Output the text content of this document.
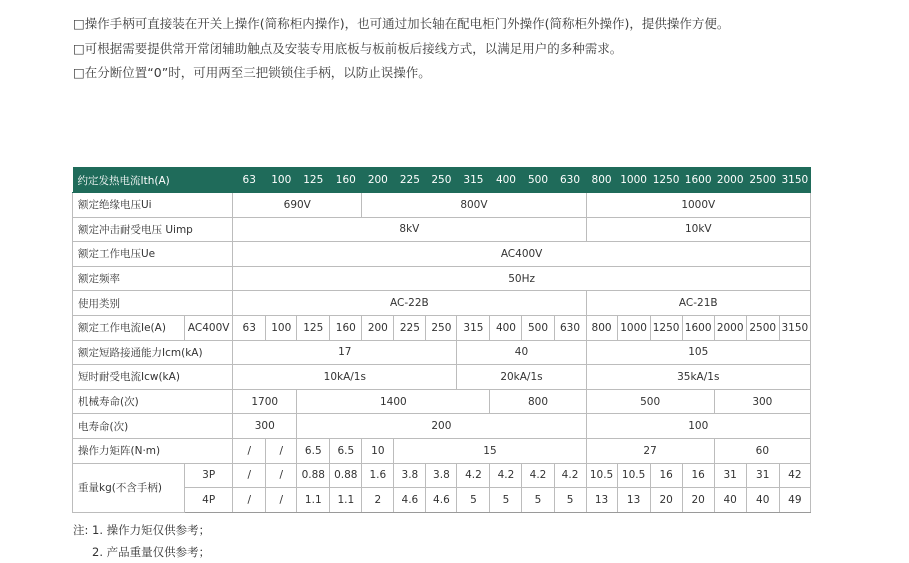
□操作手柄可直接装在开关上操作(简称柜内操作)，也可通过加长轴在配电柜门外操作(简称柜外操作)，提供操作方便。

□可根据需要提供常开常闭辅助触点及安装专用底板与板前板后接线方式，以满足用户的多种需求。

□在分断位置“0”时，可用两至三把锁锁住手柄，以防止误操作。

约定发热电流Ith(A)		63	100	125	160	200	225	250	315	400	500	630	800	1000	1250	1600	2000	2500	3150
额定绝缘电压Ui		690V				800V							1000V						
额定冲击耐受电压 Uimp		8kV											10kV						
额定工作电压Ue		AC400V																	
额定频率		50Hz																	
使用类别		AC-22B											AC-21B						
额定工作电流Ie(A)	AC400V	63	100	125	160	200	225	250	315	400	500	630	800	1000	1250	1600	2000	2500	3150
额定短路接通能力Icm(kA)		17							40				105						
短时耐受电流Icw(kA)		10kA/1s							20kA/1s				35kA/1s						
机械寿命(次)		1700		1400						800			500				300		
电寿命(次)		300		200									100						
操作力矩阵(N·m)		/	/	6.5	6.5	10	15						27				60		
重量kg(不含手柄)	3P	/	/	0.88	0.88	1.6	3.8	3.8	4.2	4.2	4.2	4.2	10.5	10.5	16	16	31	31	42
	4P	/	/	1.1	1.1	2	4.6	4.6	5	5	5	5	13	13	20	20	40	40	49

注: 1. 操作力矩仅供参考；

2. 产品重量仅供参考；
